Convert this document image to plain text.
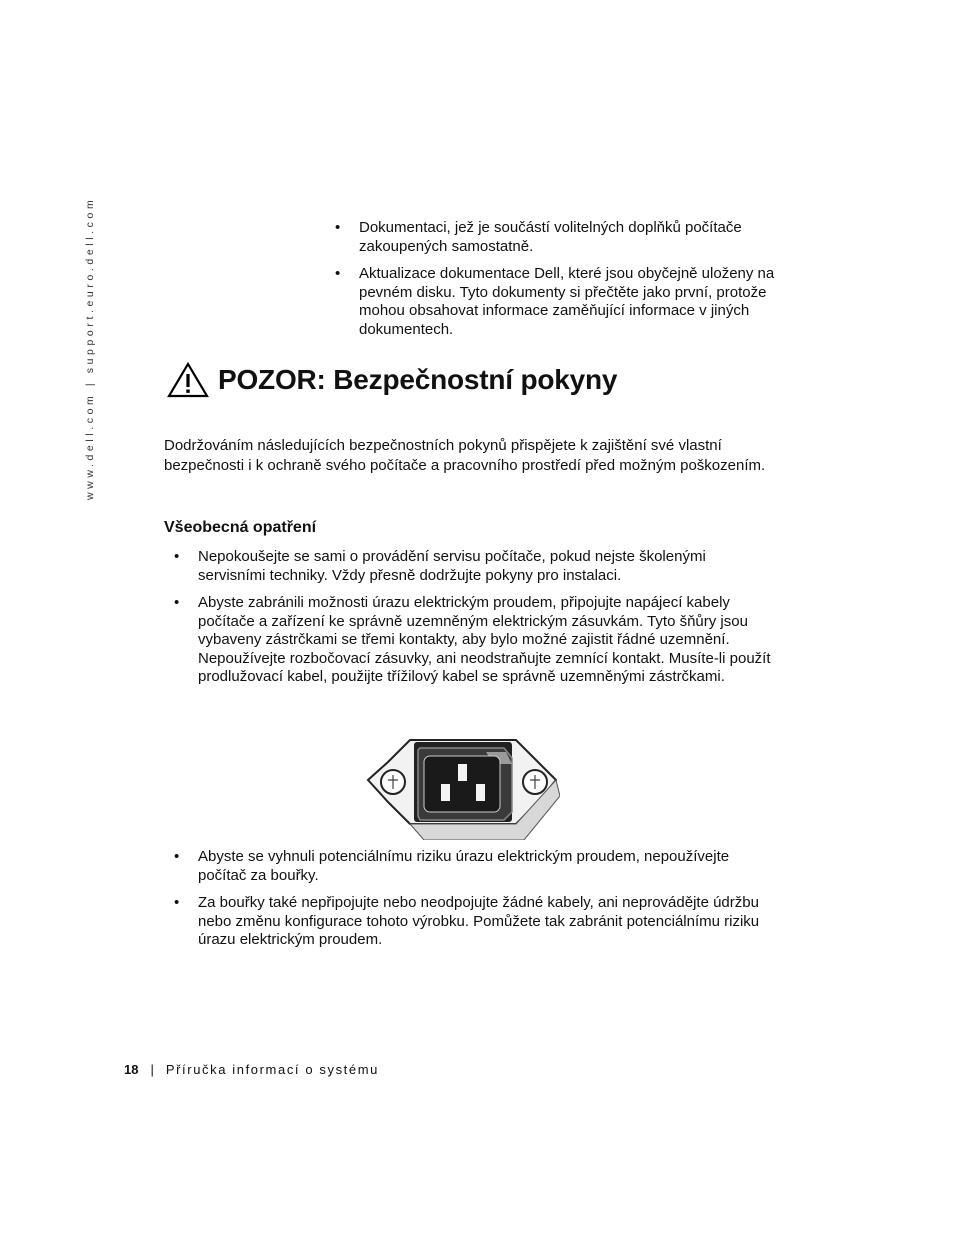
www.dell.com | support.euro.dell.com	• Dokumentaci, jež je součástí volitelných doplňků počítače zakoupených samostatně.
• Aktualizace dokumentace Dell, které jsou obyčejně uloženy na pevném disku. Tyto dokumenty si přečtěte jako první, protože mohou obsahovat informace zaměňující informace v jiných dokumentech.
POZOR: Bezpečnostní pokyny

Dodržováním následujících bezpečnostních pokynů přispějete k zajištění své vlastní bezpečnosti i k ochraně svého počítače a pracovního prostředí před možným poškozením.

Všeobecná opatření
• Nepokoušejte se sami o provádění servisu počítače, pokud nejste školenými servisními techniky. Vždy přesně dodržujte pokyny pro instalaci.
• Abyste zabránili možnosti úrazu elektrickým proudem, připojujte napájecí kabely počítače a zařízení ke správně uzemněným elektrickým zásuvkám. Tyto šňůry jsou vybaveny zástrčkami se třemi kontakty, aby bylo možné zajistit řádné uzemnění. Nepoužívejte rozbočovací zásuvky, ani neodstraňujte zemnící kontakt. Musíte-li použít prodlužovací kabel, použijte třížilový kabel se správně uzemněnými zástrčkami.
• Abyste se vyhnuli potenciálnímu riziku úrazu elektrickým proudem, nepoužívejte počítač za bouřky.
• Za bouřky také nepřipojujte nebo neodpojujte žádné kabely, ani neprovádějte údržbu nebo změnu konfigurace tohoto výrobku. Pomůžete tak zabránit potenciálnímu riziku úrazu elektrickým proudem.
18 | Příručka informací o systému
